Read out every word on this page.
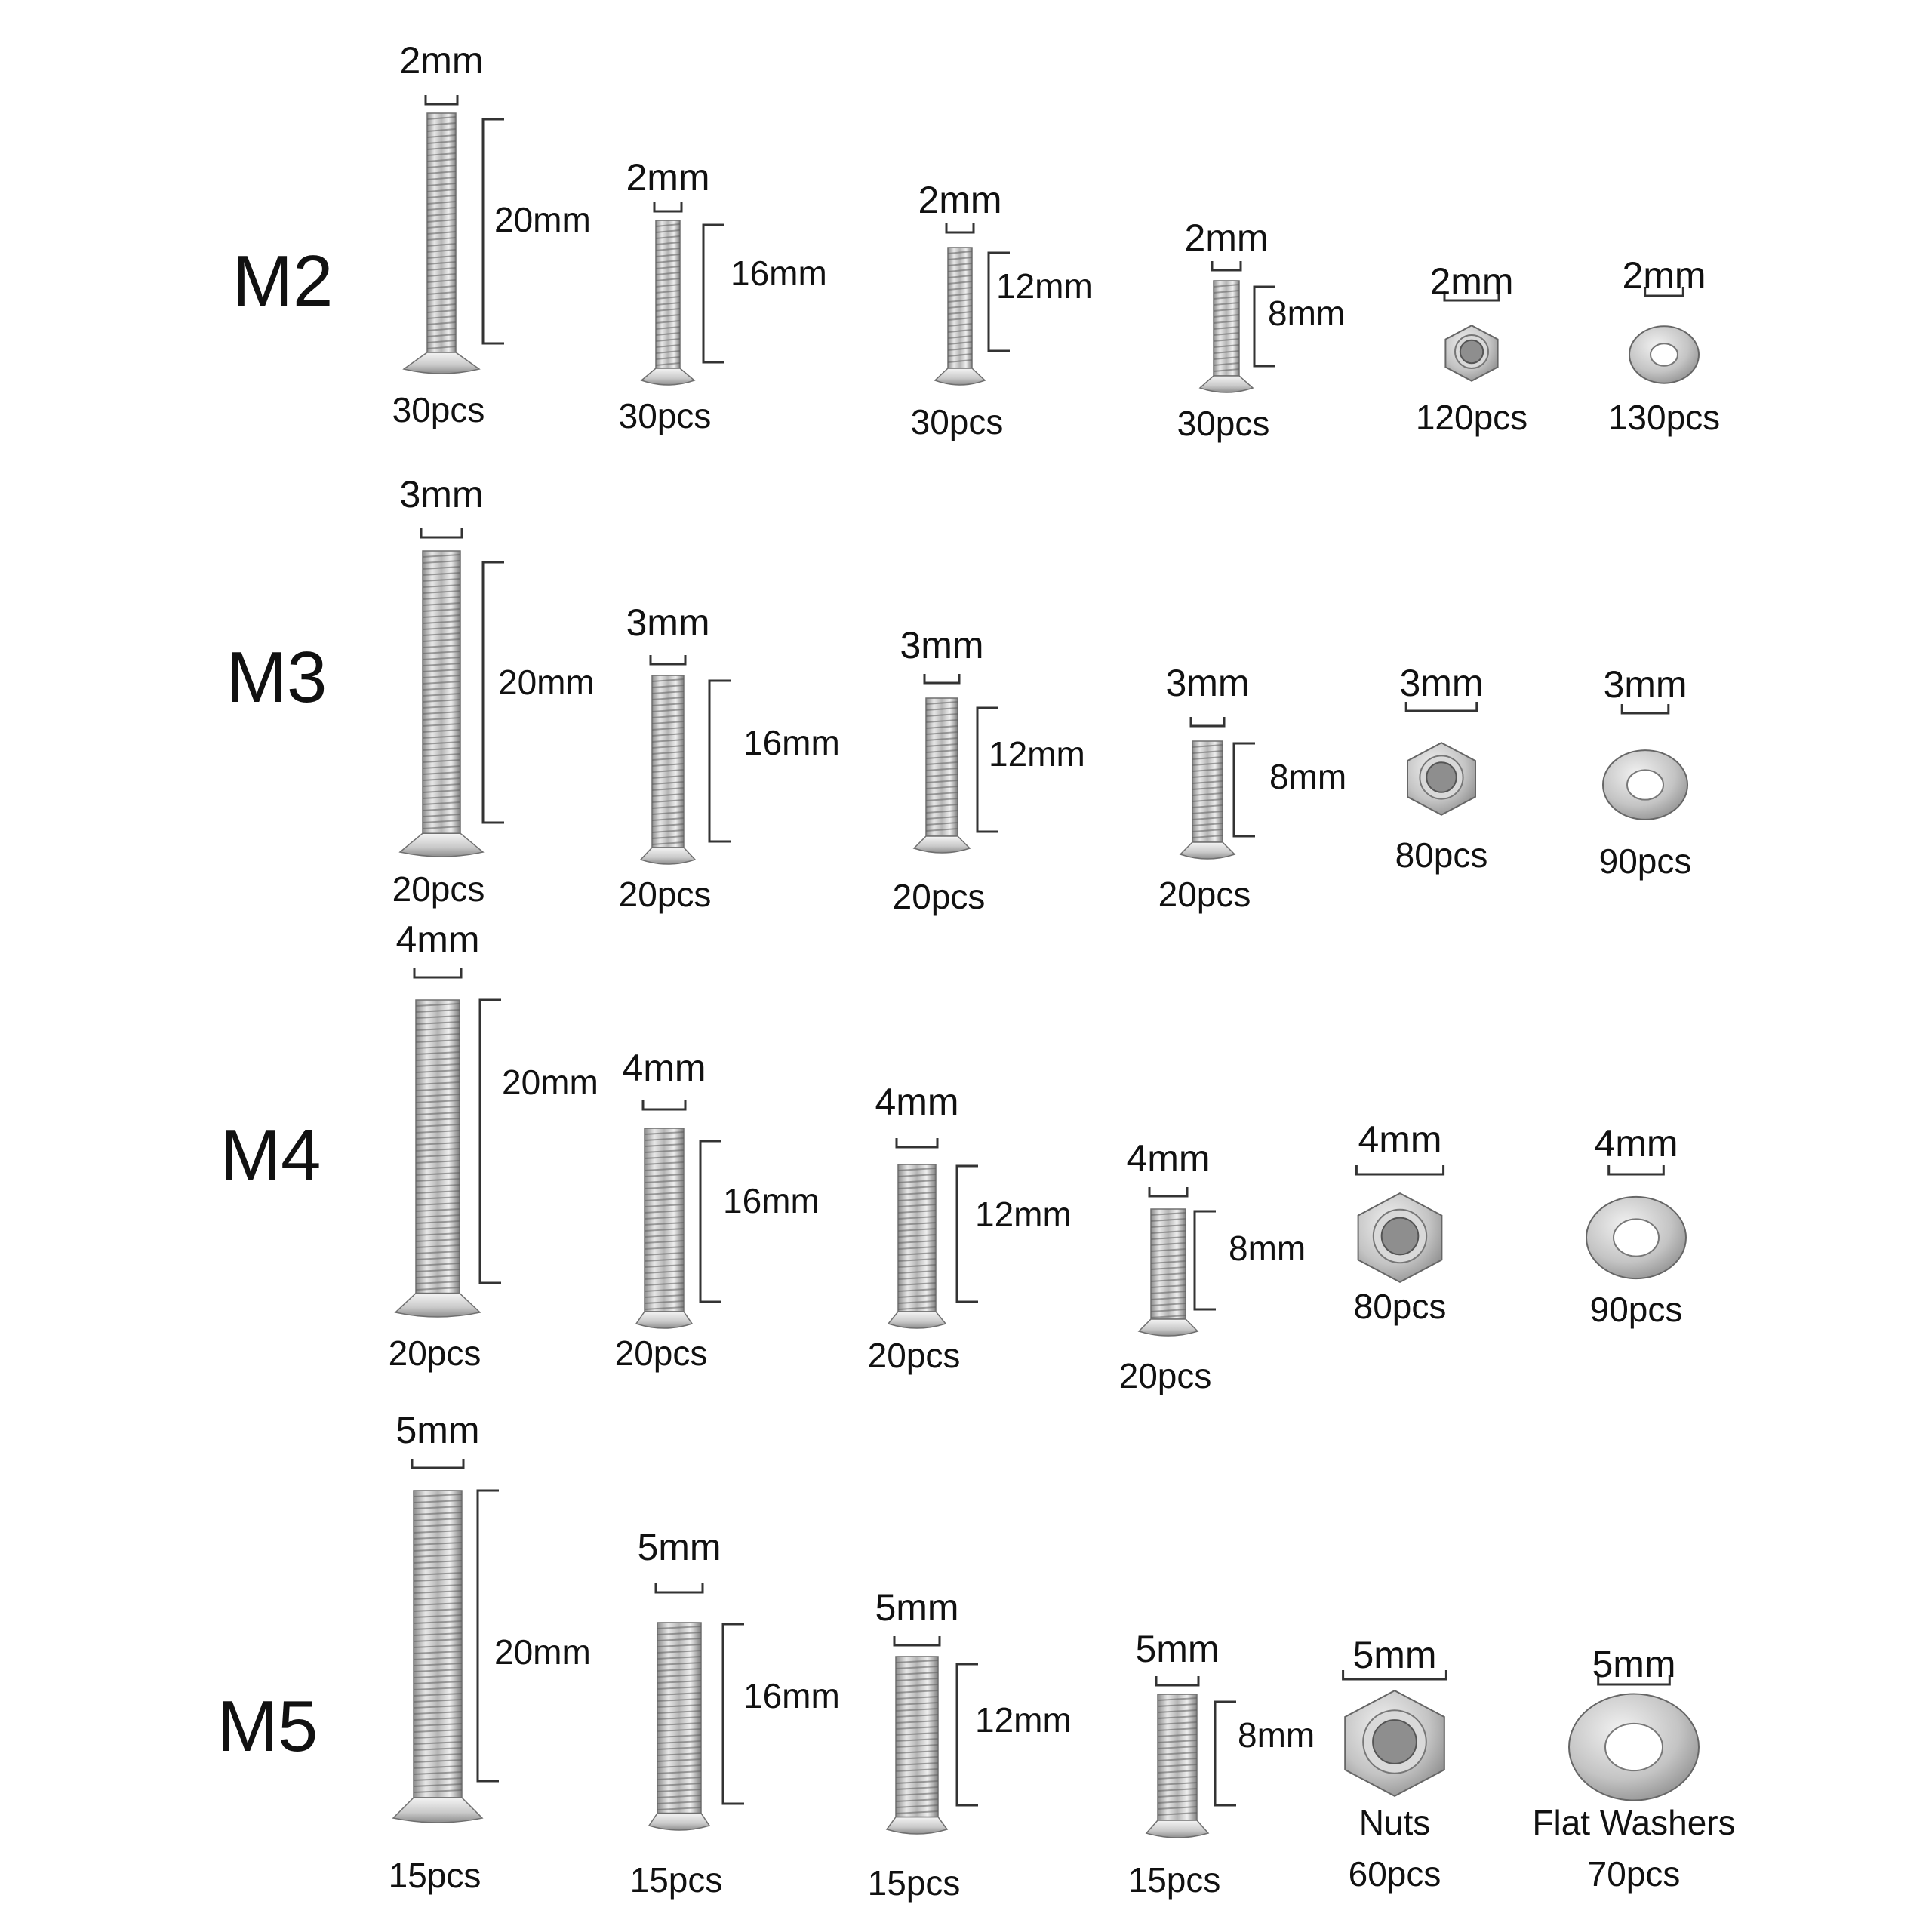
M2
2mm
20mm
30pcs
2mm
16mm
30pcs
2mm
12mm
30pcs
2mm
8mm
30pcs
2mm
120pcs
2mm
130pcs
M3
3mm
20mm
20pcs
3mm
16mm
20pcs
3mm
12mm
20pcs
3mm
8mm
20pcs
3mm
80pcs
3mm
90pcs
M4
4mm
20mm
20pcs
4mm
16mm
20pcs
4mm
12mm
20pcs
4mm
8mm
20pcs
4mm
80pcs
4mm
90pcs
M5
5mm
20mm
15pcs
5mm
16mm
15pcs
5mm
12mm
15pcs
5mm
8mm
15pcs
5mm
Nuts
60pcs
5mm
Flat Washers
70pcs
